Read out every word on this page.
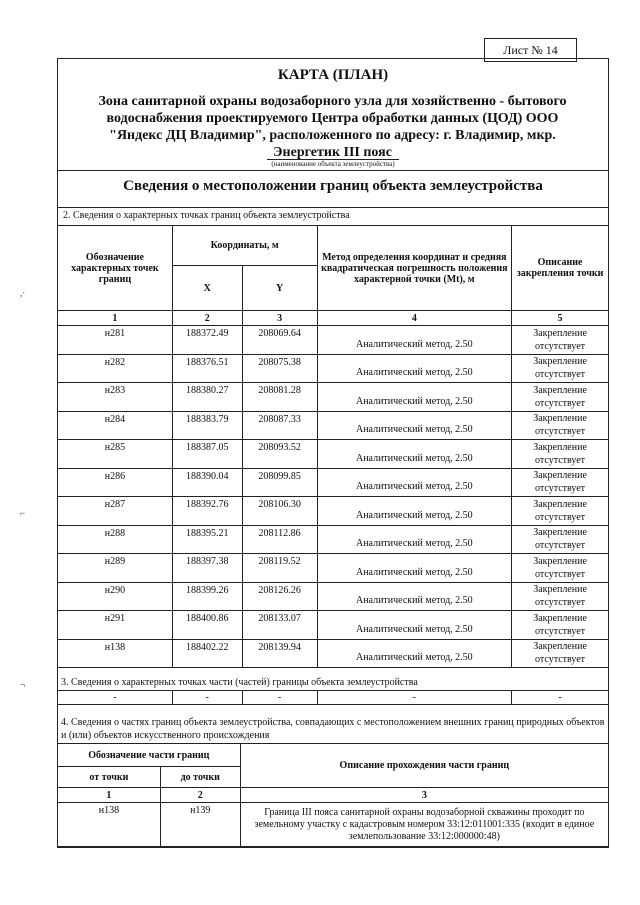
Лист № 14
КАРТА (ПЛАН)
Зона санитарной охраны водозаборного узла для хозяйственно - бытового водоснабжения проектируемого Центра обработки данных (ЦОД) ООО "Яндекс ДЦ Владимир", расположенного по адресу: г. Владимир, мкр. Энергетик III пояс
(наименование объекта землеустройства)
Сведения о местоположении границ объекта землеустройства
2. Сведения о характерных точках границ объекта землеустройства
Обозначение характерных точек границ	Координаты, м		Метод определения координат и средняя квадратическая погрешность положения характерной точки (Mt), м	Описание закрепления точки
	X	Y		
1	2	3	4	5
н281	188372.49	208069.64	Аналитический метод, 2.50	Закрепление отсутствует
н282	188376.51	208075.38	Аналитический метод, 2.50	Закрепление отсутствует
н283	188380.27	208081.28	Аналитический метод, 2.50	Закрепление отсутствует
н284	188383.79	208087.33	Аналитический метод, 2.50	Закрепление отсутствует
н285	188387.05	208093.52	Аналитический метод, 2.50	Закрепление отсутствует
н286	188390.04	208099.85	Аналитический метод, 2.50	Закрепление отсутствует
н287	188392.76	208106.30	Аналитический метод, 2.50	Закрепление отсутствует
н288	188395.21	208112.86	Аналитический метод, 2.50	Закрепление отсутствует
н289	188397.38	208119.52	Аналитический метод, 2.50	Закрепление отсутствует
н290	188399.26	208126.26	Аналитический метод, 2.50	Закрепление отсутствует
н291	188400.86	208133.07	Аналитический метод, 2.50	Закрепление отсутствует
н138	188402.22	208139.94	Аналитический метод, 2.50	Закрепление отсутствует
3. Сведения о характерных точках части (частей) границы объекта землеустройства
-	-	-	-	-
4. Сведения о частях границ объекта землеустройства, совпадающих с местоположением внешних границ природных объектов и (или) объектов искусственного происхождения
Обозначение части границ		Описание прохождения части границ
от точки	до точки	
1	2	3
н138	н139	Граница III пояса санитарной охраны водозаборной скважины проходит по земельному участку с кадастровым номером 33:12:011001:335 (входит в единое землепользование 33:12:000000:48)
,·
⌐
¬
